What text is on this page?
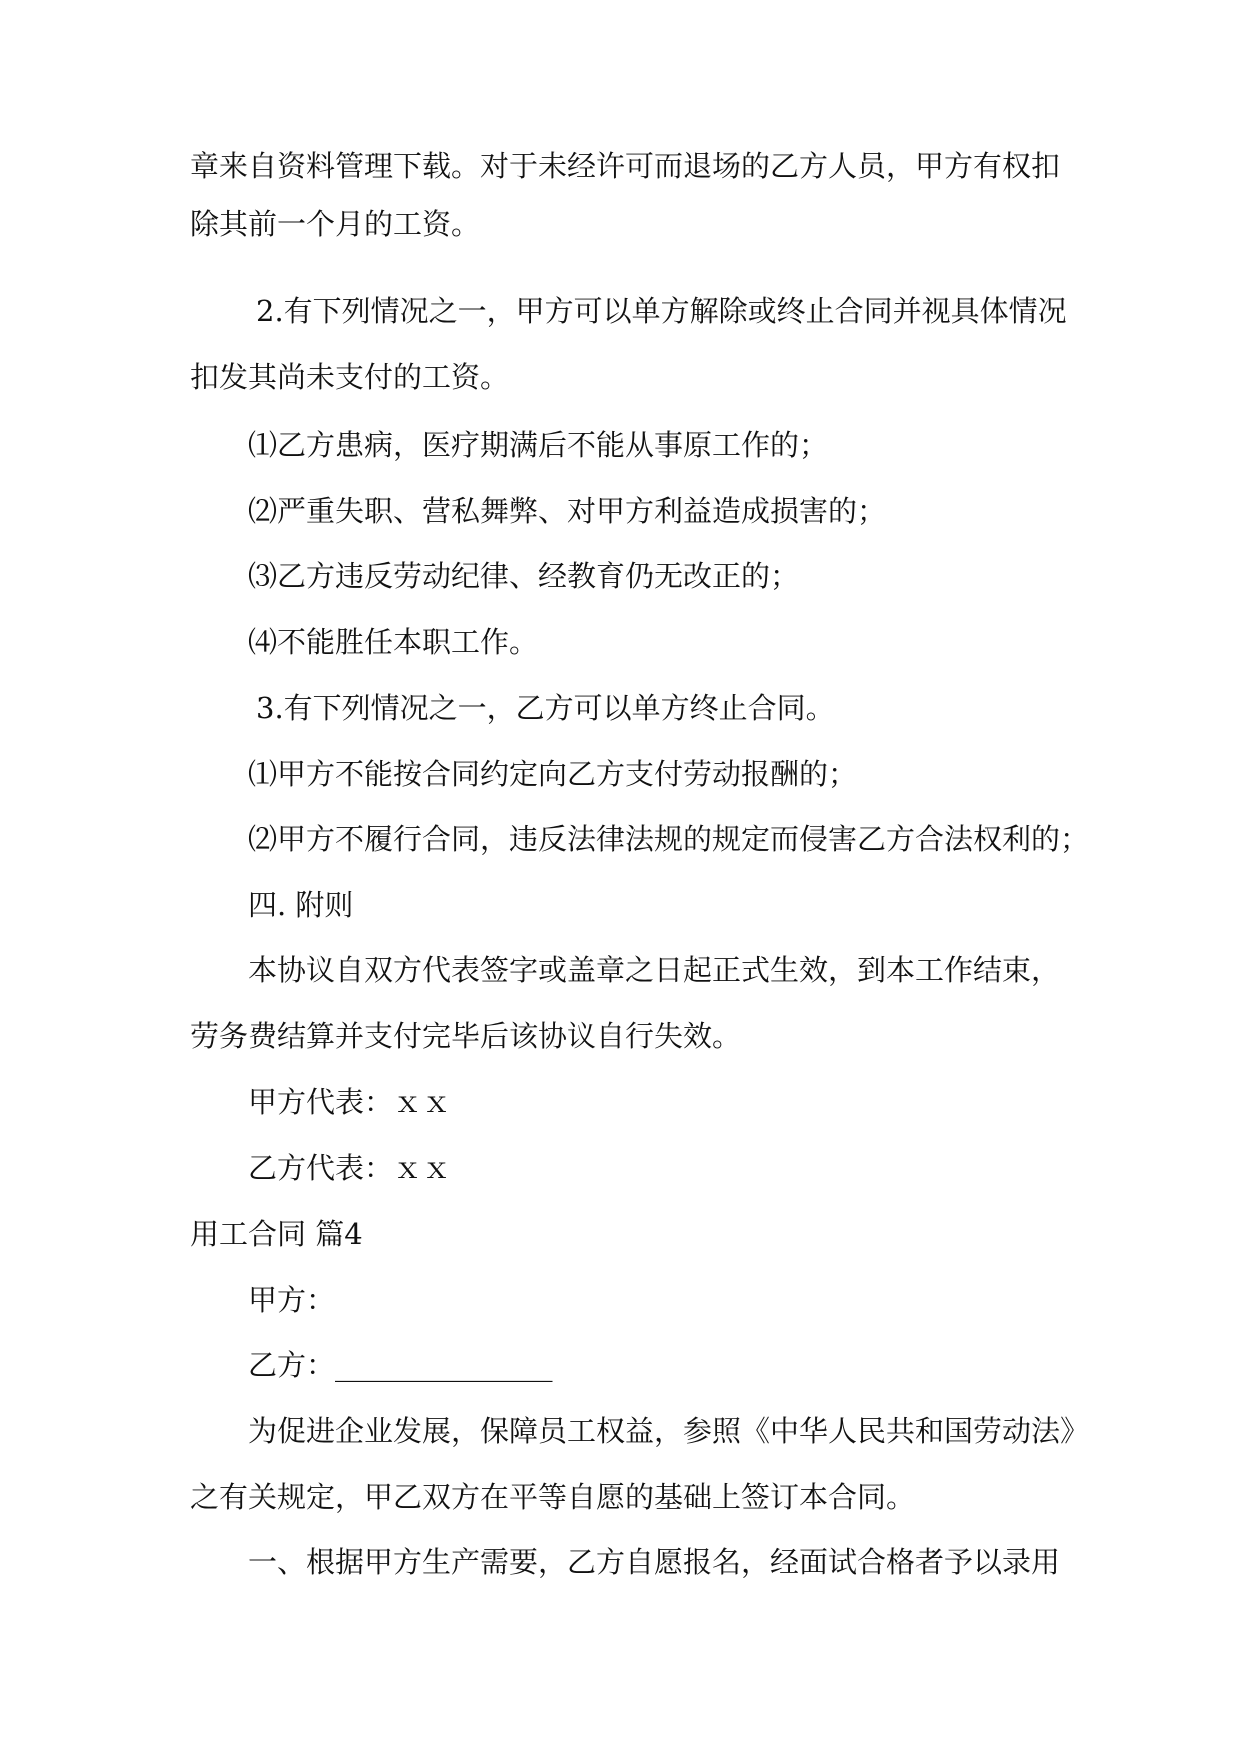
章来自资料管理下载。对于未经许可而退场的乙方人员，甲方有权扣

除其前一个月的工资。

2.有下列情况之一，甲方可以单方解除或终止合同并视具体情况

扣发其尚未支付的工资。

⑴乙方患病，医疗期满后不能从事原工作的；

⑵严重失职、营私舞弊、对甲方利益造成损害的；

⑶乙方违反劳动纪律、经教育仍无改正的；

⑷不能胜任本职工作。

3.有下列情况之一，乙方可以单方终止合同。

⑴甲方不能按合同约定向乙方支付劳动报酬的；

⑵甲方不履行合同，违反法律法规的规定而侵害乙方合法权利的；

四. 附则

本协议自双方代表签字或盖章之日起正式生效，到本工作结束，

劳务费结算并支付完毕后该协议自行失效。

甲方代表：ｘｘ

乙方代表：ｘｘ

用工合同 篇4

甲方：

乙方：_______________

为促进企业发展，保障员工权益，参照《中华人民共和国劳动法》

之有关规定，甲乙双方在平等自愿的基础上签订本合同。

一、根据甲方生产需要，乙方自愿报名，经面试合格者予以录用
